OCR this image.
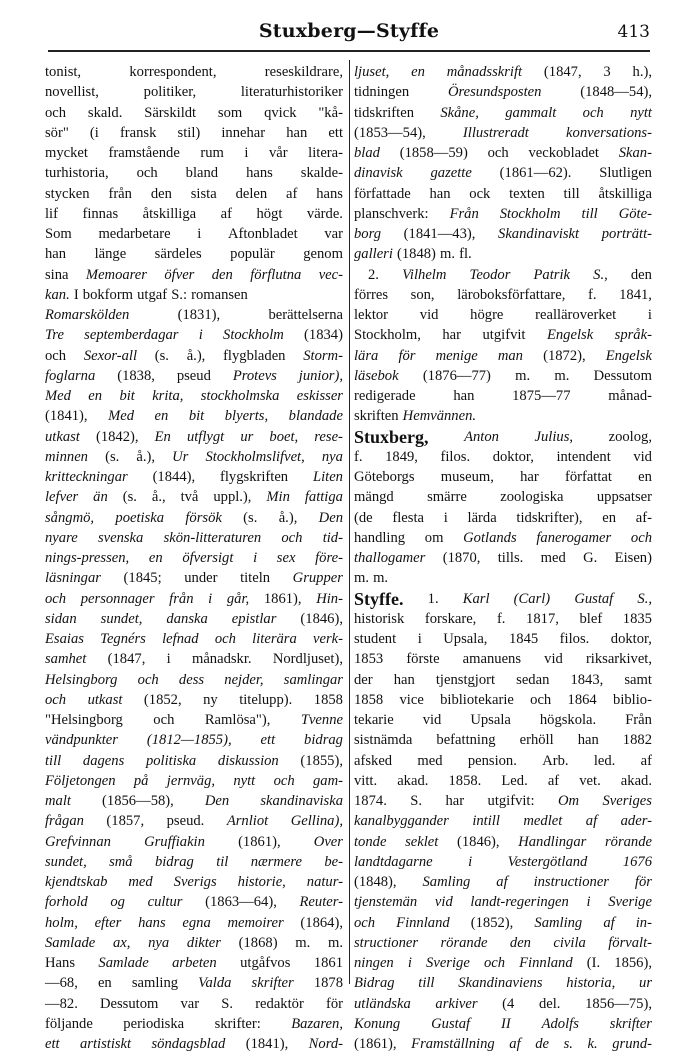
Stuxberg—Styffe	413
tonist,	korrespondent,	reseskildrare,
novellist,	politiker,	literaturhistoriker
och skald. Särskildt som qvick "kå-
sör" (i fransk stil) innehar han ett
mycket framstående rum i vår litera-
turhistoria, och bland hans skalde-
stycken från den sista delen af hans
lif finnas åtskilliga af högt värde.
Som medarbetare i Aftonbladet var
han länge särdeles populär genom
sina Memoarer öfver den förflutna vec-
kan. I bokform utgaf S.: romansen
Romarskölden	(1831),	berättelserna
Tre septemberdagar i Stockholm (1834)
och Sexor-all (s. å.), flygbladen Storm-
foglarna (1838, pseud Protevs junior),
Med en bit krita, stockholmska eskisser
(1841), Med en bit blyerts, blandade
utkast (1842), En utflygt ur boet, rese-
minnen (s. å.), Ur Stockholmslifvet, nya
kritteckningar (1844), flygskriften Liten
lefver än (s. å., två uppl.), Min fattiga
sångmö, poetiska försök (s. å.), Den
nyare svenska skön-litteraturen och tid-
nings-pressen, en öfversigt i sex före-
läsningar (1845; under titeln Grupper
och personnager från i går, 1861), Hin-
sidan sundet, danska epistlar (1846),
Esaias Tegnérs lefnad och literära verk-
samhet (1847, i månadskr. Nordljuset),
Helsingborg och dess nejder, samlingar
och utkast (1852, ny titelupp). 1858
"Helsingborg och Ramlösa"), Tvenne
vändpunkter (1812—1855), ett bidrag
till dagens politiska diskussion (1855),
Följetongen på jernväg, nytt och gam-
malt (1856—58), Den skandinaviska
frågan (1857, pseud. Arnliot Gellina),
Grefvinnan Gruffiakin (1861), Over
sundet, små bidrag til nærmere be-
kjendtskab med Sverigs historie, natur-
forhold og cultur (1863—64), Reuter-
holm, efter hans egna memoirer (1864),
Samlade ax, nya dikter (1868) m. m.
Hans Samlade arbeten utgåfvos 1861
—68, en samling Valda skrifter 1878
—82. Dessutom var S. redaktör för
följande periodiska skrifter: Bazaren,
ett artistiskt söndagsblad (1841), Nord-
ljuset, en månadsskrift (1847, 3 h.),
tidningen	Öresundsposten	(1848—54),
tidskriften Skåne, gammalt och nytt
(1853—54),	Illustreradt	konversations-
blad (1858—59) och veckobladet Skan-
dinavisk gazette (1861—62). Slutligen
författade han ock texten till åtskilliga
planschverk: Från Stockholm till Göte-
borg (1841—43), Skandinaviskt porträtt-
galleri (1848) m. fl.
2. Vilhelm Teodor Patrik S., den
förres son, läroboksförfattare, f. 1841,
lektor vid högre realläroverket i
Stockholm, har utgifvit Engelsk språk-
lära för menige man (1872), Engelsk
läsebok (1876—77) m. m. Dessutom
redigerade	han	1875—77	månad-
skriften Hemvännen.
Stuxberg, Anton Julius, zoolog,
f. 1849, filos. doktor, intendent vid
Göteborgs museum, har författat en
mängd smärre zoologiska uppsatser
(de flesta i lärda tidskrifter), en af-
handling om Gotlands fanerogamer och
thallogamer (1870, tills. med G. Eisen)
m. m.
Styffe. 1. Karl (Carl) Gustaf S.,
historisk forskare, f. 1817, blef 1835
student i Upsala, 1845 filos. doktor,
1853 förste amanuens vid riksarkivet,
der han tjenstgjort sedan 1843, samt
1858 vice bibliotekarie och 1864 biblio-
tekarie vid Upsala högskola. Från
sistnämda befattning erhöll han 1882
afsked med pension. Arb. led. af
vitt. akad. 1858. Led. af vet. akad.
1874. S. har utgifvit: Om Sveriges
kanalbyggander intill medlet af ader-
tonde seklet (1846), Handlingar rörande
landtdagarne i Vestergötland 1676
(1848), Samling af instructioner för
tjenstemän vid landt-regeringen i Sverige
och Finnland (1852), Samling af in-
structioner rörande den civila förvalt-
ningen i Sverige och Finnland (I. 1856),
Bidrag till Skandinaviens historia, ur
utländska arkiver (4 del. 1856—75),
Konung Gustaf II Adolfs skrifter
(1861), Framställning af de s. k. grund-
